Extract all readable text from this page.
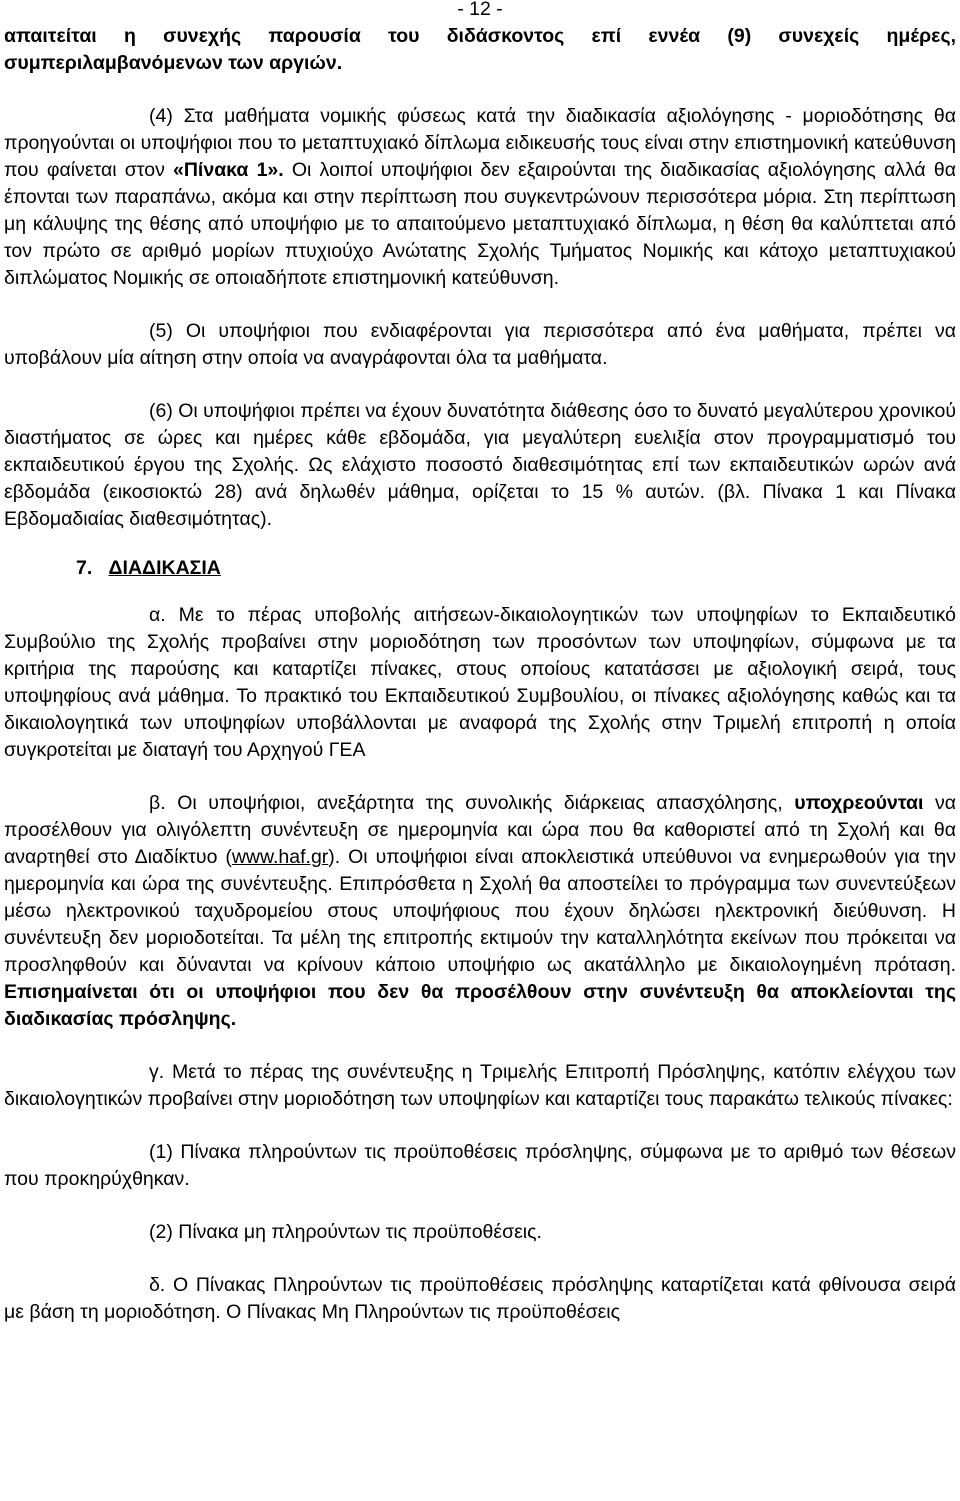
- 12 -

απαιτείται η συνεχής παρουσία του διδάσκοντος επί εννέα (9) συνεχείς ημέρες, συμπεριλαμβανόμενων των αργιών.

(4) Στα μαθήματα νομικής φύσεως κατά την διαδικασία αξιολόγησης - μοριοδότησης θα προηγούνται οι υποψήφιοι που το μεταπτυχιακό δίπλωμα ειδικευσής τους είναι στην επιστημονική κατεύθυνση που φαίνεται στον «Πίνακα 1». Οι λοιποί υποψήφιοι δεν εξαιρούνται της διαδικασίας αξιολόγησης αλλά θα έπονται των παραπάνω, ακόμα και στην περίπτωση που συγκεντρώνουν περισσότερα μόρια. Στη περίπτωση μη κάλυψης της θέσης από υποψήφιο με το απαιτούμενο μεταπτυχιακό δίπλωμα, η θέση θα καλύπτεται από τον πρώτο σε αριθμό μορίων πτυχιούχο Ανώτατης Σχολής Τμήματος Νομικής και κάτοχο μεταπτυχιακού διπλώματος Νομικής σε οποιαδήποτε επιστημονική κατεύθυνση.

(5) Οι υποψήφιοι που ενδιαφέρονται για περισσότερα από ένα μαθήματα, πρέπει να υποβάλουν μία αίτηση στην οποία να αναγράφονται όλα τα μαθήματα.

(6) Οι υποψήφιοι πρέπει να έχουν δυνατότητα διάθεσης όσο το δυνατό μεγαλύτερου χρονικού διαστήματος σε ώρες και ημέρες κάθε εβδομάδα, για μεγαλύτερη ευελιξία στον προγραμματισμό του εκπαιδευτικού έργου της Σχολής. Ως ελάχιστο ποσοστό διαθεσιμότητας επί των εκπαιδευτικών ωρών ανά εβδομάδα (εικοσιοκτώ 28) ανά δηλωθέν μάθημα, ορίζεται το 15 % αυτών. (βλ. Πίνακα 1 και Πίνακα Εβδομαδιαίας διαθεσιμότητας).

7. ΔΙΑΔΙΚΑΣΙΑ

α. Με το πέρας υποβολής αιτήσεων-δικαιολογητικών των υποψηφίων το Εκπαιδευτικό Συμβούλιο της Σχολής προβαίνει στην μοριοδότηση των προσόντων των υποψηφίων, σύμφωνα με τα κριτήρια της παρούσης και καταρτίζει πίνακες, στους οποίους κατατάσσει με αξιολογική σειρά, τους υποψηφίους ανά μάθημα. Το πρακτικό του Εκπαιδευτικού Συμβουλίου, οι πίνακες αξιολόγησης καθώς και τα δικαιολογητικά των υποψηφίων υποβάλλονται με αναφορά της Σχολής στην Τριμελή επιτροπή η οποία συγκροτείται με διαταγή του Αρχηγού ΓΕΑ

β. Οι υποψήφιοι, ανεξάρτητα της συνολικής διάρκειας απασχόλησης, υποχρεούνται να προσέλθουν για ολιγόλεπτη συνέντευξη σε ημερομηνία και ώρα που θα καθοριστεί από τη Σχολή και θα αναρτηθεί στο Διαδίκτυο (www.haf.gr). Οι υποψήφιοι είναι αποκλειστικά υπεύθυνοι να ενημερωθούν για την ημερομηνία και ώρα της συνέντευξης. Επιπρόσθετα η Σχολή θα αποστείλει το πρόγραμμα των συνεντεύξεων μέσω ηλεκτρονικού ταχυδρομείου στους υποψήφιους που έχουν δηλώσει ηλεκτρονική διεύθυνση. Η συνέντευξη δεν μοριοδοτείται. Τα μέλη της επιτροπής εκτιμούν την καταλληλότητα εκείνων που πρόκειται να προσληφθούν και δύνανται να κρίνουν κάποιο υποψήφιο ως ακατάλληλο με δικαιολογημένη πρόταση. Επισημαίνεται ότι οι υποψήφιοι που δεν θα προσέλθουν στην συνέντευξη θα αποκλείονται της διαδικασίας πρόσληψης.

γ. Μετά το πέρας της συνέντευξης η Τριμελής Επιτροπή Πρόσληψης, κατόπιν ελέγχου των δικαιολογητικών προβαίνει στην μοριοδότηση των υποψηφίων και καταρτίζει τους παρακάτω τελικούς πίνακες:

(1) Πίνακα πληρούντων τις προϋποθέσεις πρόσληψης, σύμφωνα με το αριθμό των θέσεων που προκηρύχθηκαν.

(2) Πίνακα μη πληρούντων τις προϋποθέσεις.

δ. Ο Πίνακας Πληρούντων τις προϋποθέσεις πρόσληψης καταρτίζεται κατά φθίνουσα σειρά με βάση τη μοριοδότηση. Ο Πίνακας Μη Πληρούντων τις προϋποθέσεις
